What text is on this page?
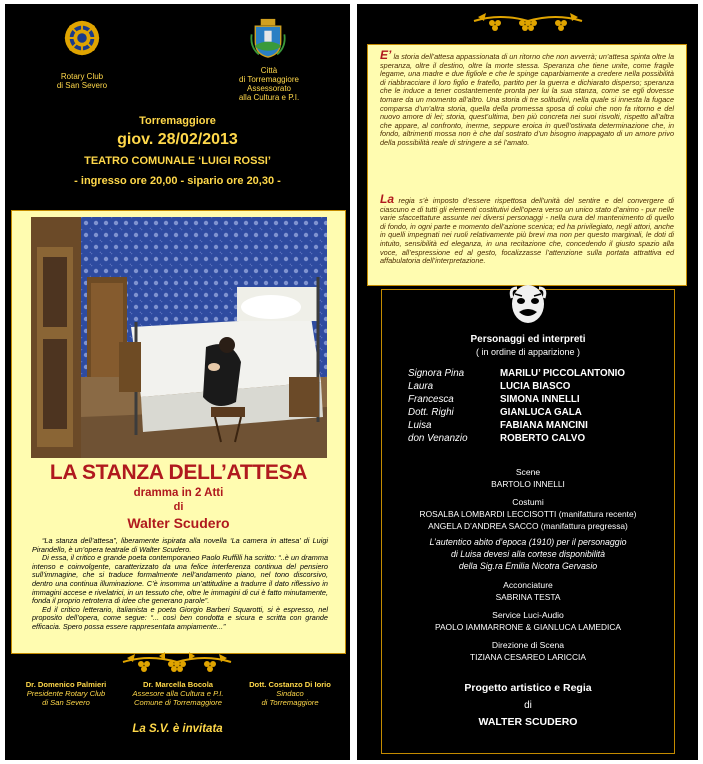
Rotary Club
di San Severo
Città
di Torremaggiore
Assessorato
alla Cultura e P.I.
Torremaggiore
giov. 28/02/2013
TEATRO COMUNALE ‘LUIGI ROSSI’
- ingresso ore 20,00 - sipario ore 20,30 -
LA STANZA DELL’ATTESA
dramma in 2 Atti
di
Walter Scudero
“La stanza dell’attesa”, liberamente ispirata alla novella ‘La camera in attesa’ di Luigi Pirandello, è un’opera teatrale di Walter Scudero.
Di essa, il critico e grande poeta contemporaneo Paolo Ruffilli ha scritto: “..è un dramma intenso e coinvolgente, caratterizzato da una felice interferenza continua del pensiero sull’immagine, che si traduce formalmente nell’andamento piano, nel tono discorsivo, dentro una continua illuminazione. C’è insomma un’attitudine a tradurre il dato riflessivo in immagini accese e rivelatrici, in un tessuto che, oltre le immagini di cui è fatto minutamente, fonda il proprio retroterra di idee che generano parole”.
Ed il critico letterario, italianista e poeta Giorgio Barberi Squarotti, si è espresso, nel proposito dell’opera, come segue: “... così ben condotta e sicura e scritta con grande efficacia. Spero possa essere rappresentata ampiamente...”
Dr. Domenico Palmieri
Presidente Rotary Club
di San Severo
Dr. Marcella Bocola
Assesore alla Cultura e P.I.
Comune di Torremaggiore
Dott. Costanzo Di Iorio
Sindaco
di Torremaggiore
La S.V. è invitata
E’ la storia dell’attesa appassionata di un ritorno che non avverrà; un’attesa spinta oltre la speranza, oltre il destino, oltre la morte stessa. Speranza che tiene unite, come fragile legame, una madre e due figliole e che le spinge caparbiamente a credere nella possibilità di riabbracciare il loro figlio e fratello, partito per la guerra e dichiarato disperso; speranza che le induce a tener costantemente pronta per lui la sua stanza, come se egli dovesse tornare da un momento all’altro. Una storia di tre solitudini, nella quale si innesta la fugace comparsa d’un’altra storia, quella della promessa sposa di colui che non fa ritorno e del nuovo amore di lei; storia, quest’ultima, ben più concreta nei suoi risvolti, rispetto all’altra che appare, al confronto, inerme, seppure eroica in quell’ostinata determinazione che, in fondo, altrimenti mossa non è che dal sostrato d’un bisogno inappagato di un amore privo della possibilità reale di stringere a sé l’amato.
La regia s’è imposto d’essere rispettosa dell’unità del sentire e del convergere di ciascuno e di tutti gli elementi costitutivi dell’opera verso un unico stato d’animo - pur nelle varie sfaccettature assunte nei diversi personaggi - nella cura del mantenimento di quello di fondo, in ogni parte e momento dell’azione scenica; ed ha privilegiato, negli attori, anche in quelli impegnati nei ruoli relativamente più brevi ma non per questo marginali, le doti di intuito, sensibilità ed eleganza, in una recitazione che, concedendo il giusto spazio alla voce, all’espressione ed al gesto, focalizzasse l’attenzione sulla portata attrattiva ed affabulatoria dell’interpretazione.
Personaggi ed interpreti
( in ordine di apparizione )
Signora Pina	MARILU’ PICCOLANTONIO
Laura	LUCIA BIASCO
Francesca	SIMONA INNELLI
Dott. Righi	GIANLUCA GALA
Luisa	FABIANA MANCINI
don Venanzio	ROBERTO CALVO
Scene
BARTOLO INNELLI
Costumi
ROSALBA LOMBARDI LECCISOTTI (manifattura recente)
ANGELA D’ANDREA SACCO (manifattura pregressa)
L’autentico abito d’epoca (1910) per il personaggio
di Luisa devesi alla cortese disponibilità
della Sig.ra Emilia Nicotra Gervasio
Acconciature
SABRINA TESTA
Service Luci-Audio
PAOLO IAMMARRONE & GIANLUCA LAMEDICA
Direzione di Scena
TIZIANA CESAREO LARICCIA
Progetto artistico e Regia
di
WALTER SCUDERO
